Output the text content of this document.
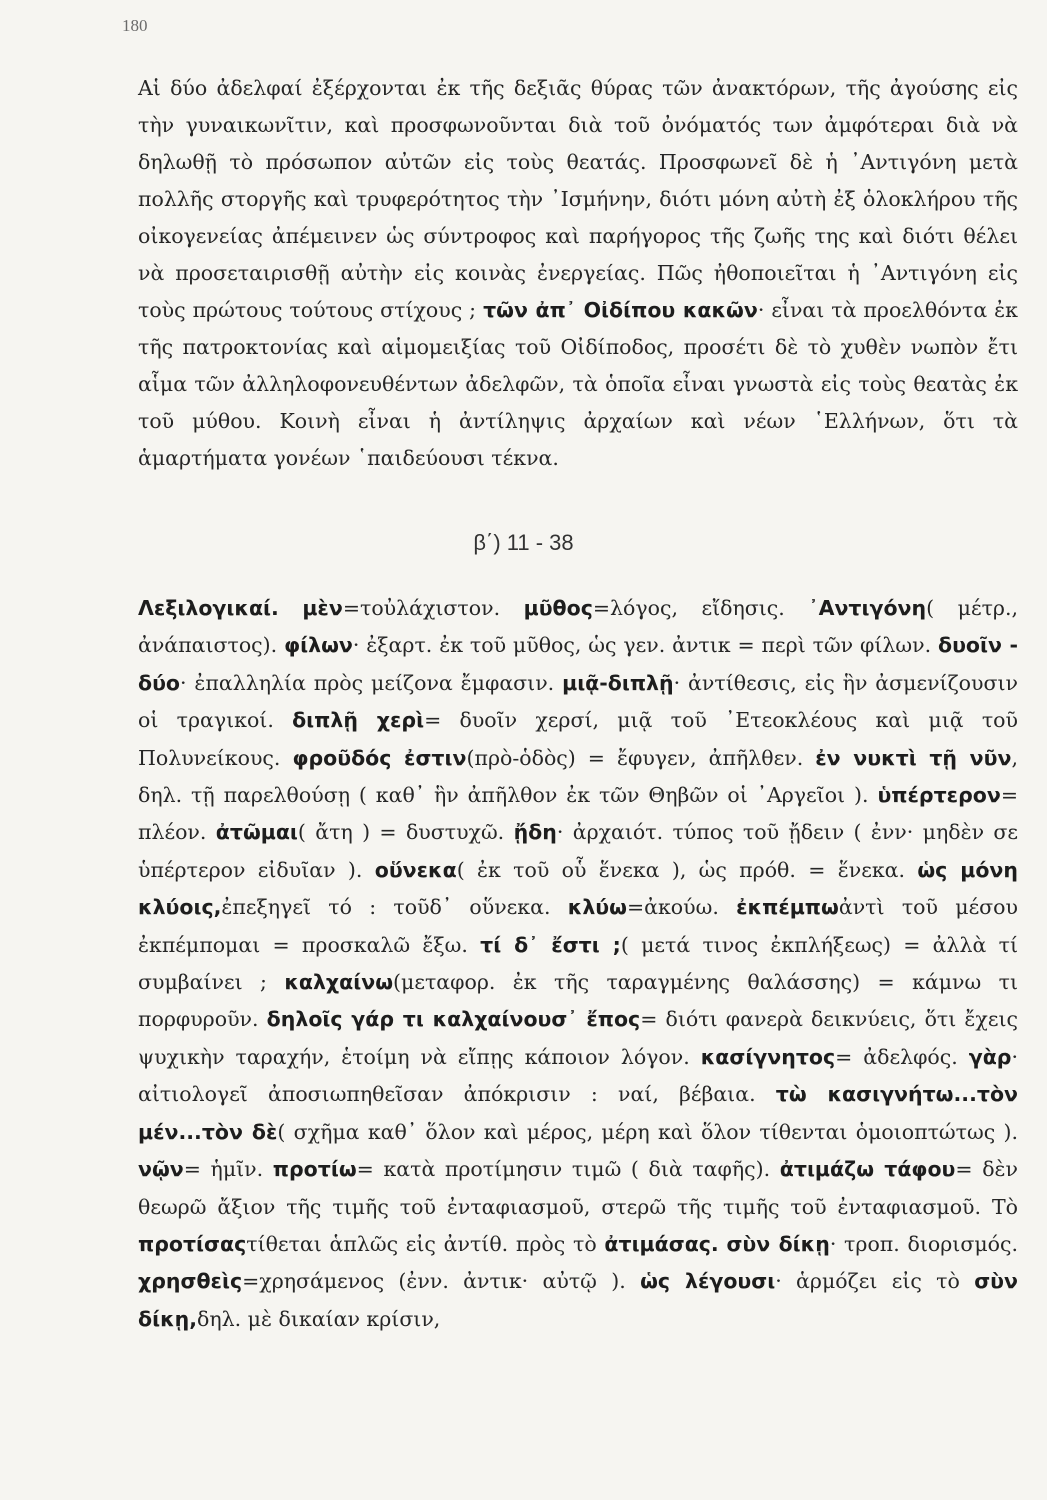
180

Αἱ δύο ἀδελφαί ἐξέρχονται ἐκ τῆς δεξιᾶς θύρας τῶν ἀνακτόρων, τῆς ἀγούσης εἰς τὴν γυναικωνῖτιν, καὶ προσφωνοῦνται διὰ τοῦ ὀνόματός των ἀμφότεραι διὰ νὰ δηλωθῇ τὸ πρόσωπον αὐτῶν εἰς τοὺς θεατάς. Προσφωνεῖ δὲ ἡ ᾿Αντιγόνη μετὰ πολλῆς στοργῆς καὶ τρυφερότητος τὴν ᾿Ισμήνην, διότι μόνη αὐτὴ ἐξ ὁλοκλήρου τῆς οἰκογενείας ἀπέμεινεν ὡς σύντροφος καὶ παρήγορος τῆς ζωῆς της καὶ διότι θέλει νὰ προσεταιρισθῇ αὐτὴν εἰς κοινὰς ἐνεργείας. Πῶς ἠθοποιεῖται ἡ ᾿Αντιγόνη εἰς τοὺς πρώτους τούτους στίχους ; τῶν ἀπ᾿ Οἰδίπου κακῶν· εἶναι τὰ προελθόντα ἐκ τῆς πατροκτονίας καὶ αἱμομειξίας τοῦ Οἰδίποδος, προσέτι δὲ τὸ χυθὲν νωπὸν ἔτι αἷμα τῶν ἀλληλοφονευθέντων ἀδελφῶν, τὰ ὁποῖα εἶναι γνωστὰ εἰς τοὺς θεατὰς ἐκ τοῦ μύθου. Κοινὴ εἶναι ἡ ἀντίληψις ἀρχαίων καὶ νέων ῾Ελλήνων, ὅτι τὰ ἁμαρτήματα γονέων ῾παιδεύουσι τέκνα.

β΄) 11 - 38

Λεξιλογικαί. μὲν=τοὐλάχιστον. μῦθος=λόγος, εἴδησις. ᾿Αντιγόνη( μέτρ., ἀνάπαιστος). φίλων· ἐξαρτ. ἐκ τοῦ μῦθος, ὡς γεν. ἀντικ = περὶ τῶν φίλων. δυοῖν - δύο· ἐπαλληλία πρὸς μείζονα ἔμφασιν. μιᾷ-διπλῇ· ἀντίθεσις, εἰς ἣν ἀσμενίζουσιν οἱ τραγικοί. διπλῇ χερὶ= δυοῖν χερσί, μιᾷ τοῦ ᾿Ετεοκλέους καὶ μιᾷ τοῦ Πολυνείκους. φροῦδός ἐστιν(πρὸ-ὁδὸς) = ἔφυγεν, ἀπῆλθεν. ἐν νυκτὶ τῇ νῦν, δηλ. τῇ παρελθούσῃ ( καθ᾿ ἣν ἀπῆλθον ἐκ τῶν Θηβῶν οἱ ᾿Αργεῖοι ). ὑπέρτερον= πλέον. ἀτῶμαι( ἄτη ) = δυστυχῶ. ᾔδη· ἀρχαιότ. τύπος τοῦ ᾔδειν ( ἐνν· μηδὲν σε ὑπέρτερον εἰδυῖαν ). οὕνεκα( ἐκ τοῦ οὗ ἕνεκα ), ὡς πρόθ. = ἕνεκα. ὡς μόνη κλύοις,ἐπεξηγεῖ τό : τοῦδ᾿ οὕνεκα. κλύω=ἀκούω. ἐκπέμπωἀντὶ τοῦ μέσου ἐκπέμπομαι = προσκαλῶ ἔξω. τί δ᾿ ἔστι ;( μετά τινος ἐκπλήξεως) = ἀλλὰ τί συμβαίνει ; καλχαίνω(μεταφορ. ἐκ τῆς ταραγμένης θαλάσσης) = κάμνω τι πορφυροῦν. δηλοῖς γάρ τι καλχαίνουσ᾿ ἔπος= διότι φανερὰ δεικνύεις, ὅτι ἔχεις ψυχικὴν ταραχήν, ἑτοίμη νὰ εἴπῃς κάποιον λόγον. κασίγνητος= ἀδελφός. γὰρ· αἰτιολογεῖ ἀποσιωπηθεῖσαν ἀπόκρισιν : ναί, βέβαια. τὼ κασιγνήτω...τὸν μέν...τὸν δὲ( σχῆμα καθ᾿ ὅλον καὶ μέρος, μέρη καὶ ὅλον τίθενται ὁμοιοπτώτως ). νῷν= ἡμῖν. προτίω= κατὰ προτίμησιν τιμῶ ( διὰ ταφῆς). ἀτιμάζω τάφου= δὲν θεωρῶ ἄξιον τῆς τιμῆς τοῦ ἐνταφιασμοῦ, στερῶ τῆς τιμῆς τοῦ ἐνταφιασμοῦ. Τὸ προτίσαςτίθεται ἁπλῶς εἰς ἀντίθ. πρὸς τὸ ἀτιμάσας. σὺν δίκῃ· τροπ. διορισμός. χρησθεὶς=χρησάμενος (ἐνν. ἀντικ· αὐτῷ ). ὡς λέγουσι· ἁρμόζει εἰς τὸ σὺν δίκῃ,δηλ. μὲ δικαίαν κρίσιν,
